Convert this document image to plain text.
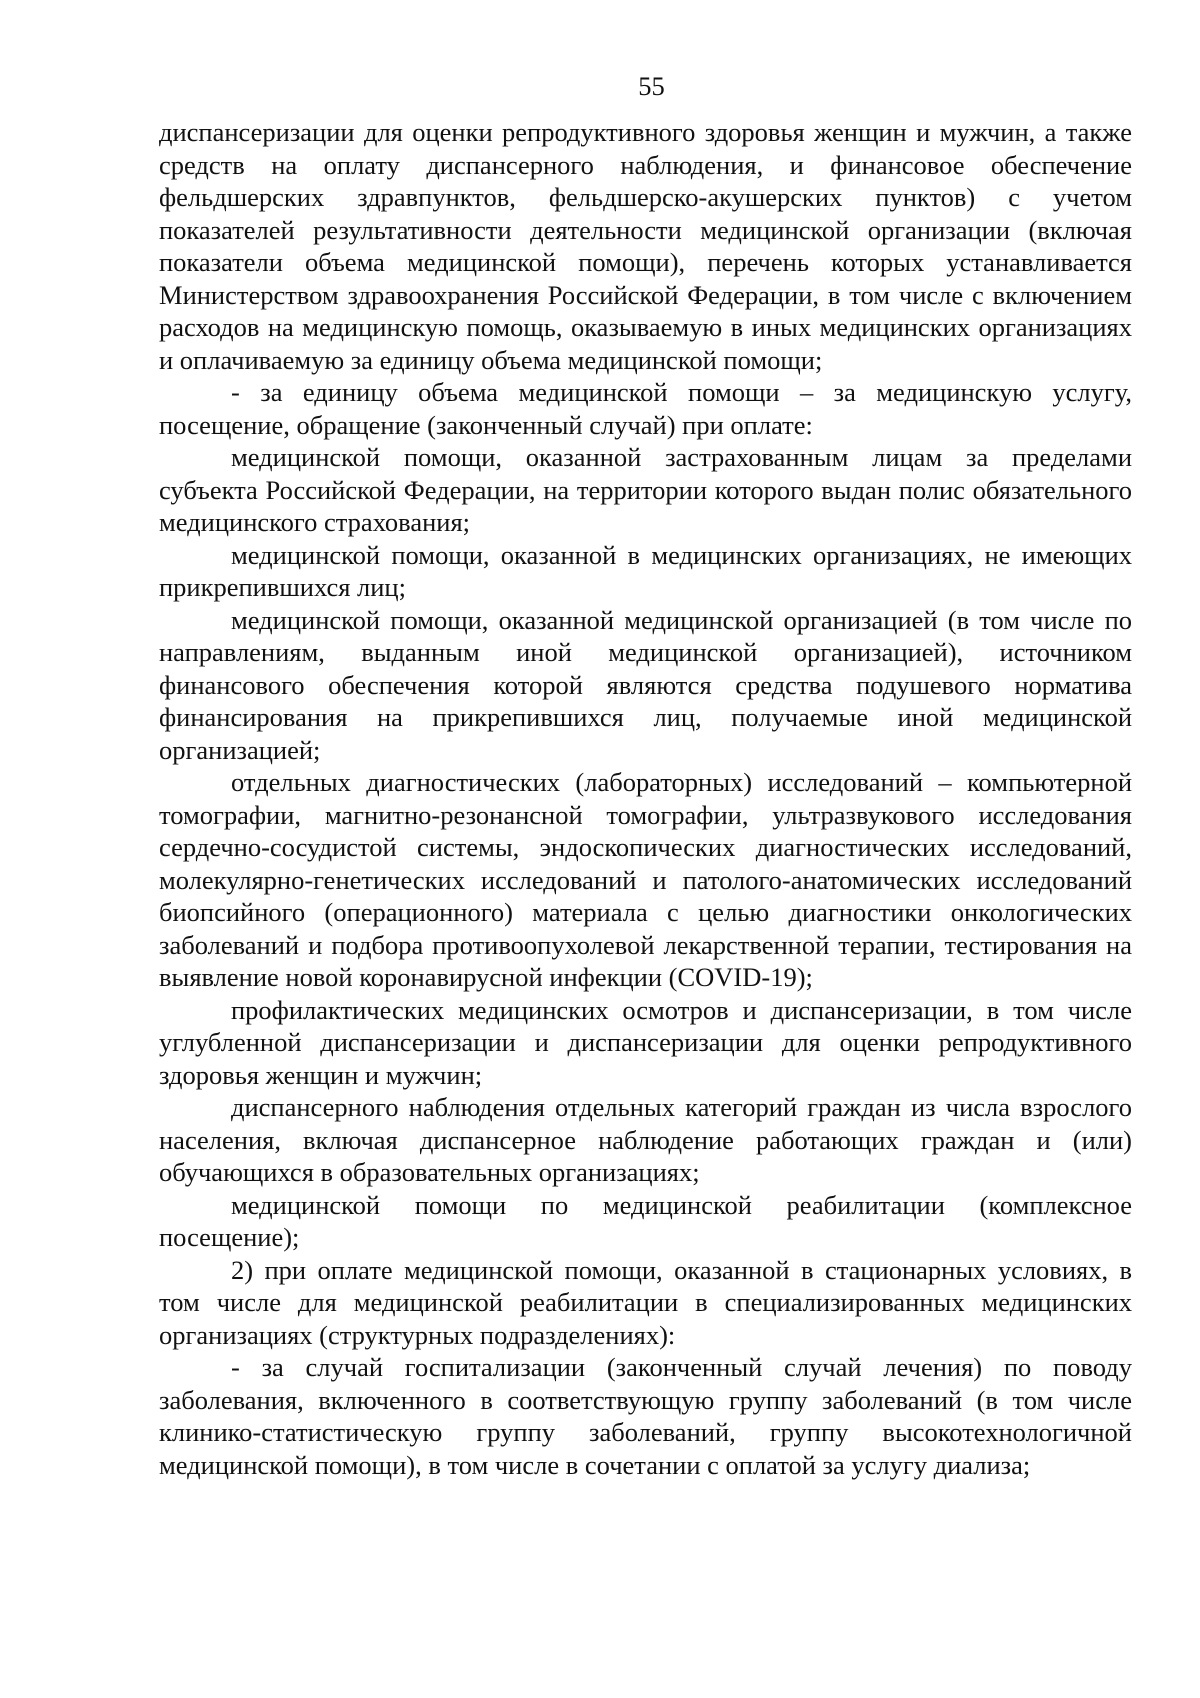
55

диспансеризации для оценки репродуктивного здоровья женщин и мужчин, а также средств на оплату диспансерного наблюдения, и финансовое обеспечение фельдшерских здравпунктов, фельдшерско-акушерских пунктов) с учетом показателей результативности деятельности медицинской организации (включая показатели объема медицинской помощи), перечень которых устанавливается Министерством здравоохранения Российской Федерации, в том числе с включением расходов на медицинскую помощь, оказываемую в иных медицинских организациях и оплачиваемую за единицу объема медицинской помощи;

- за единицу объема медицинской помощи – за медицинскую услугу, посещение, обращение (законченный случай) при оплате:

медицинской помощи, оказанной застрахованным лицам за пределами субъекта Российской Федерации, на территории которого выдан полис обязательного медицинского страхования;

медицинской помощи, оказанной в медицинских организациях, не имеющих прикрепившихся лиц;

медицинской помощи, оказанной медицинской организацией (в том числе по направлениям, выданным иной медицинской организацией), источником финансового обеспечения которой являются средства подушевого норматива финансирования на прикрепившихся лиц, получаемые иной медицинской организацией;

отдельных диагностических (лабораторных) исследований – компьютерной томографии, магнитно-резонансной томографии, ультразвукового исследования сердечно-сосудистой системы, эндоскопических диагностических исследований, молекулярно-генетических исследований и патолого-анатомических исследований биопсийного (операционного) материала с целью диагностики онкологических заболеваний и подбора противоопухолевой лекарственной терапии, тестирования на выявление новой коронавирусной инфекции (COVID-19);

профилактических медицинских осмотров и диспансеризации, в том числе углубленной диспансеризации и диспансеризации для оценки репродуктивного здоровья женщин и мужчин;

диспансерного наблюдения отдельных категорий граждан из числа взрослого населения, включая диспансерное наблюдение работающих граждан и (или) обучающихся в образовательных организациях;

медицинской помощи по медицинской реабилитации (комплексное посещение);

2) при оплате медицинской помощи, оказанной в стационарных условиях, в том числе для медицинской реабилитации в специализированных медицинских организациях (структурных подразделениях):

- за случай госпитализации (законченный случай лечения) по поводу заболевания, включенного в соответствующую группу заболеваний (в том числе клинико-статистическую группу заболеваний, группу высокотехнологичной медицинской помощи), в том числе в сочетании с оплатой за услугу диализа;
